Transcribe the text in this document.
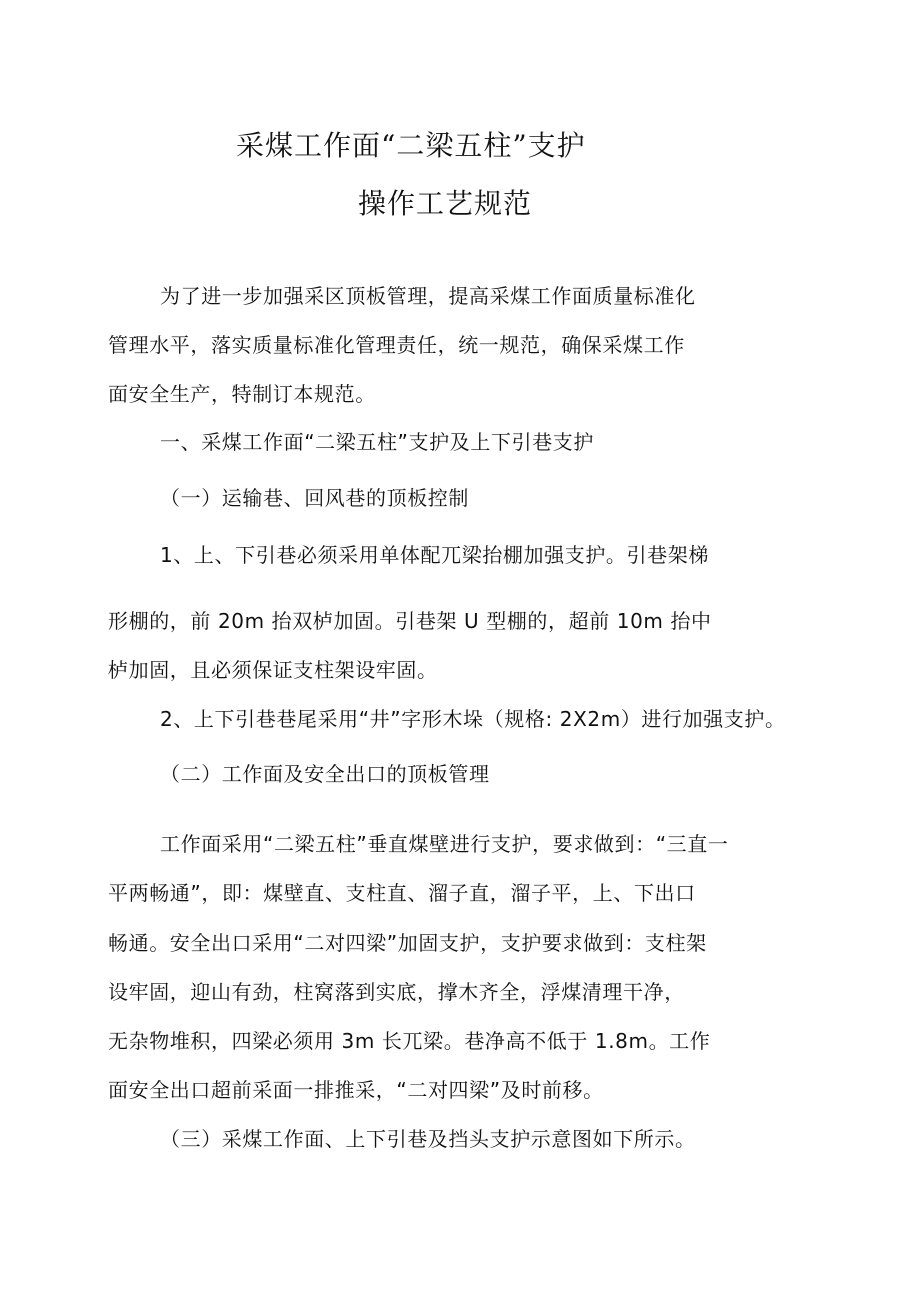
采煤工作面“二梁五柱”支护
操作工艺规范
为了进一步加强采区顶板管理，提高采煤工作面质量标准化
管理水平，落实质量标准化管理责任，统一规范，确保采煤工作
面安全生产，特制订本规范。
一、采煤工作面“二梁五柱”支护及上下引巷支护
（一）运输巷、回风巷的顶板控制
1、上、下引巷必须采用单体配兀梁抬棚加强支护。引巷架梯
形棚的，前 20m 抬双栌加固。引巷架 U 型棚的，超前 10m 抬中
栌加固，且必须保证支柱架设牢固。
2、上下引巷巷尾采用“井”字形木垛（规格: 2X2m）进行加强支护。
（二）工作面及安全出口的顶板管理
工作面采用“二梁五柱”垂直煤壁进行支护，要求做到：“三直一
平两畅通”，即：煤壁直、支柱直、溜子直，溜子平，上、下出口
畅通。安全出口采用“二对四梁”加固支护，支护要求做到：支柱架
设牢固，迎山有劲，柱窝落到实底，撑木齐全，浮煤清理干净，
无杂物堆积，四梁必须用 3m 长兀梁。巷净高不低于 1.8m。工作
面安全出口超前采面一排推采，“二对四梁”及时前移。
（三）采煤工作面、上下引巷及挡头支护示意图如下所示。
